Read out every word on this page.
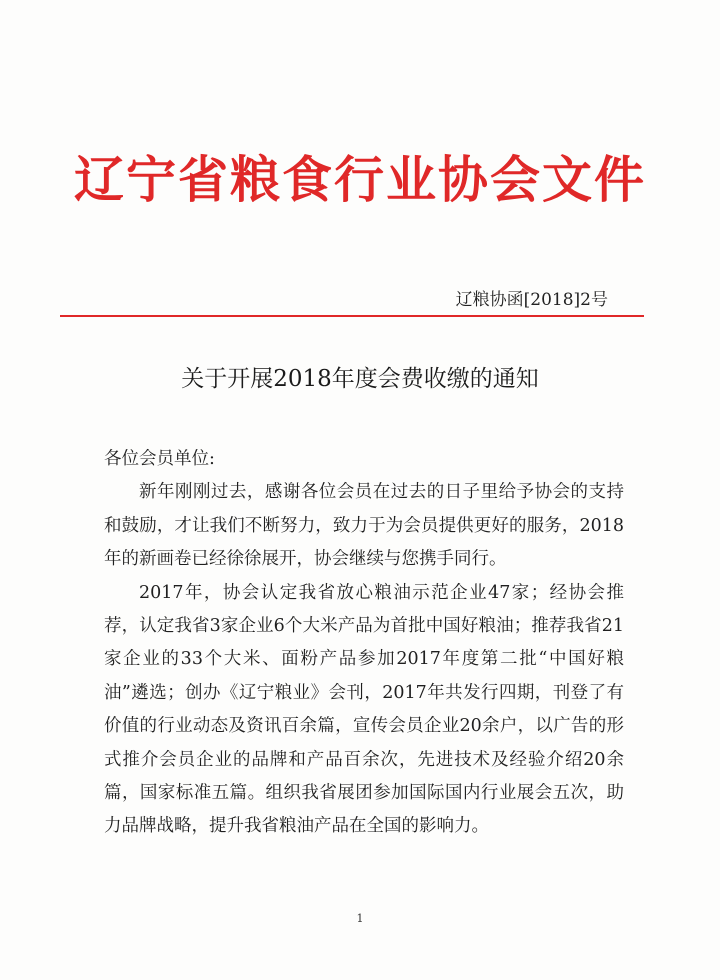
辽宁省粮食行业协会文件
辽粮协函[2018]2号
关于开展2018年度会费收缴的通知

各位会员单位:

新年刚刚过去，感谢各位会员在过去的日子里给予协会的支持和鼓励，才让我们不断努力，致力于为会员提供更好的服务，2018年的新画卷已经徐徐展开，协会继续与您携手同行。

2017年，协会认定我省放心粮油示范企业47家；经协会推荐，认定我省3家企业6个大米产品为首批中国好粮油；推荐我省21家企业的33个大米、面粉产品参加2017年度第二批“中国好粮油”遴选；创办《辽宁粮业》会刊，2017年共发行四期，刊登了有价值的行业动态及资讯百余篇，宣传会员企业20余户，以广告的形式推介会员企业的品牌和产品百余次，先进技术及经验介绍20余篇，国家标准五篇。组织我省展团参加国际国内行业展会五次，助力品牌战略，提升我省粮油产品在全国的影响力。

1
